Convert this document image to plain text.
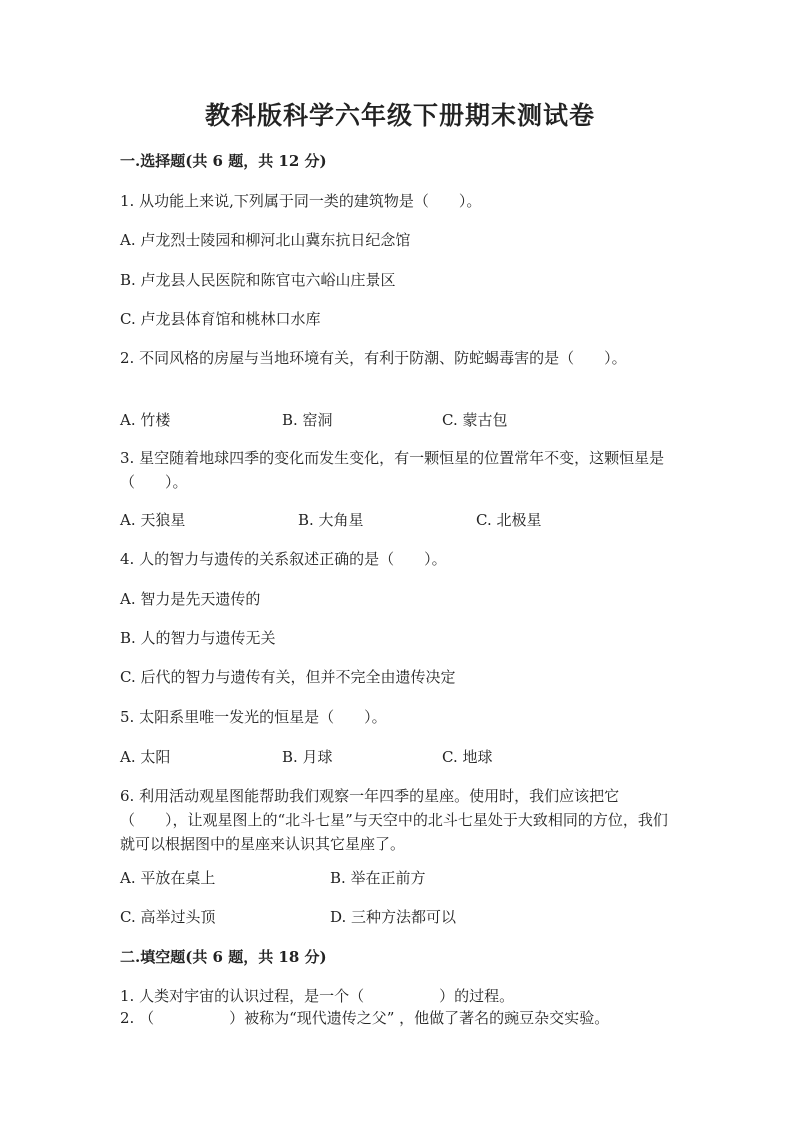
教科版科学六年级下册期末测试卷
一.选择题(共 6 题，共 12 分)
1. 从功能上来说,下列属于同一类的建筑物是（　　）。
A. 卢龙烈士陵园和柳河北山冀东抗日纪念馆
B. 卢龙县人民医院和陈官屯六峪山庄景区
C. 卢龙县体育馆和桃林口水库
2. 不同风格的房屋与当地环境有关，有利于防潮、防蛇蝎毒害的是（　　）。
A. 竹楼	B. 窑洞	C. 蒙古包
3. 星空随着地球四季的变化而发生变化，有一颗恒星的位置常年不变，这颗恒星是（　　）。
A. 天狼星	B. 大角星	C. 北极星
4. 人的智力与遗传的关系叙述正确的是（　　）。
A. 智力是先天遗传的
B. 人的智力与遗传无关
C. 后代的智力与遗传有关，但并不完全由遗传决定
5. 太阳系里唯一发光的恒星是（　　）。
A. 太阳	B. 月球	C. 地球
6. 利用活动观星图能帮助我们观察一年四季的星座。使用时，我们应该把它（　　），让观星图上的“北斗七星”与天空中的北斗七星处于大致相同的方位，我们就可以根据图中的星座来认识其它星座了。
A. 平放在桌上	B. 举在正前方
C. 高举过头顶	D. 三种方法都可以
二.填空题(共 6 题，共 18 分)
1. 人类对宇宙的认识过程，是一个（　　　　　）的过程。
2. （　　　　　）被称为“现代遗传之父” ，他做了著名的豌豆杂交实验。
